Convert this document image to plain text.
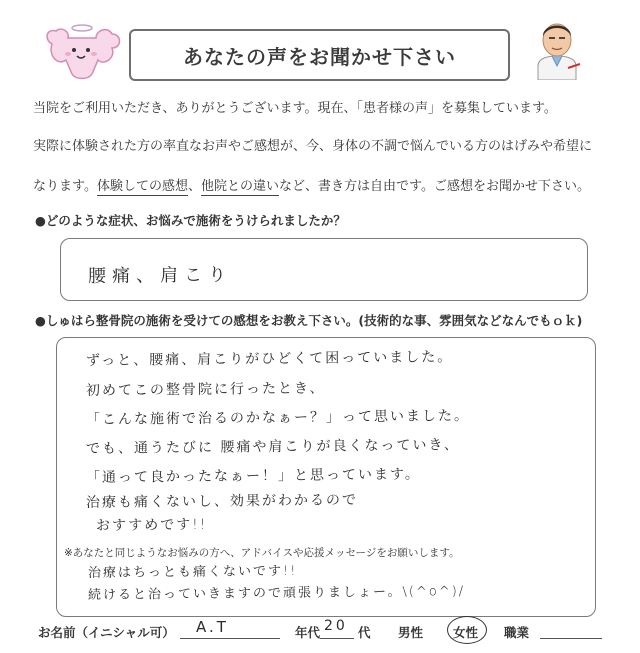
あなたの声をお聞かせ下さい
当院をご利用いただき、ありがとうございます。現在、「患者様の声」を募集しています。
実際に体験された方の率直なお声やご感想が、今、身体の不調で悩んでいる方のはげみや希望に
なります。体験しての感想、他院との違いなど、書き方は自由です。ご感想をお聞かせ下さい。
●どのような症状、お悩みで施術をうけられましたか？
腰痛、肩こり
●しゅはら整骨院の施術を受けての感想をお教え下さい。(技術的な事、雰囲気などなんでもｏｋ)
ずっと、腰痛、肩こりがひどくて困っていました。
初めてこの整骨院に行ったとき、
「こんな施術で治るのかなぁー？」って思いました。
でも、通うたびに 腰痛や肩こりが良くなっていき、
「通って良かったなぁー！」と思っています。
治療も痛くないし、効果がわかるので
おすすめです!!
※あなたと同じようなお悩みの方へ、アドバイスや応援メッセージをお願いします。
治療はちっとも痛くないです!!
続けると治っていきますので頑張りましょー。\(^o^)/
お名前（イニシャル可） A.T	年代 20 代 男性 女性 職業
